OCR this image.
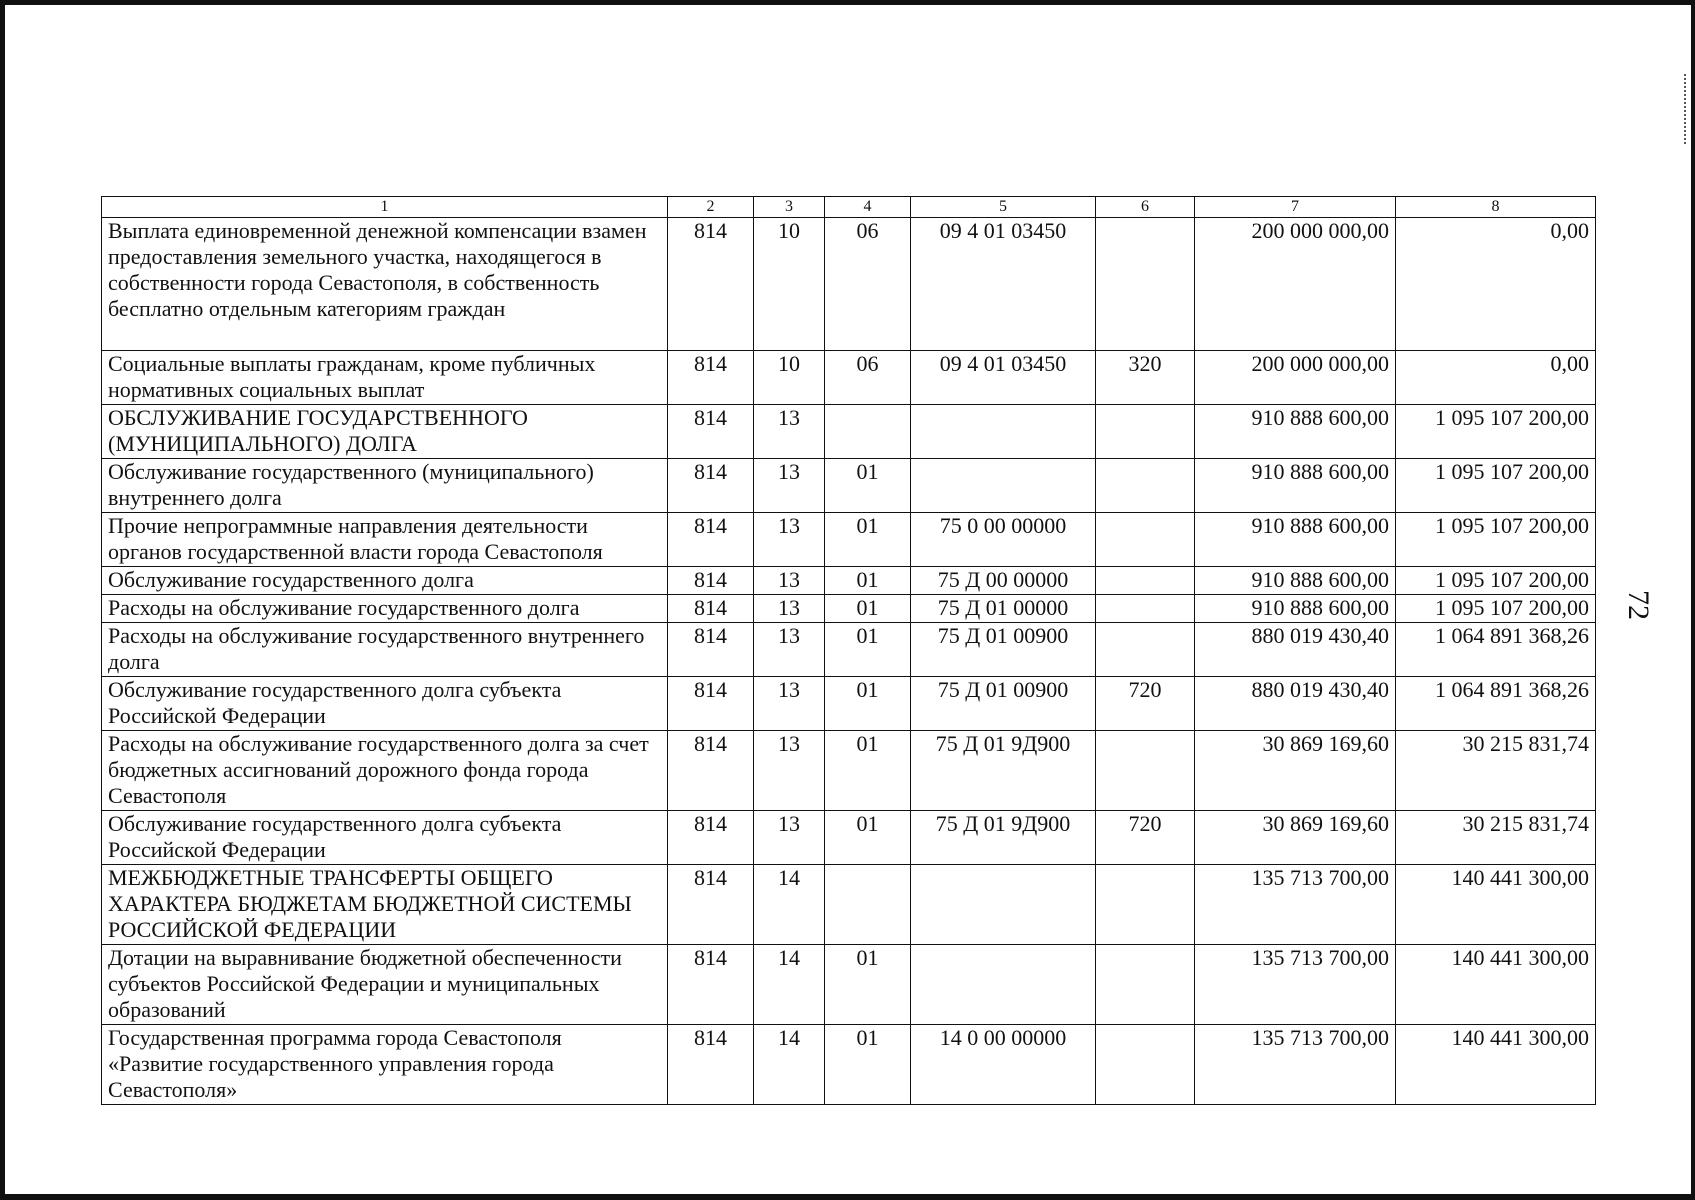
72
1	2	3	4	5	6	7	8
Выплата единовременной денежной компенсации взамен предоставления земельного участка, находящегося в собственности города Севастополя, в собственность бесплатно отдельным категориям граждан	814	10	06	09 4 01 03450		200 000 000,00	0,00
Социальные выплаты гражданам, кроме публичных нормативных социальных выплат	814	10	06	09 4 01 03450	320	200 000 000,00	0,00
ОБСЛУЖИВАНИЕ ГОСУДАРСТВЕННОГО (МУНИЦИПАЛЬНОГО) ДОЛГА	814	13				910 888 600,00	1 095 107 200,00
Обслуживание государственного (муниципального) внутреннего долга	814	13	01			910 888 600,00	1 095 107 200,00
Прочие непрограммные направления деятельности органов государственной власти города Севастополя	814	13	01	75 0 00 00000		910 888 600,00	1 095 107 200,00
Обслуживание государственного долга	814	13	01	75 Д 00 00000		910 888 600,00	1 095 107 200,00
Расходы на обслуживание государственного долга	814	13	01	75 Д 01 00000		910 888 600,00	1 095 107 200,00
Расходы на обслуживание государственного внутреннего долга	814	13	01	75 Д 01 00900		880 019 430,40	1 064 891 368,26
Обслуживание государственного долга субъекта Российской Федерации	814	13	01	75 Д 01 00900	720	880 019 430,40	1 064 891 368,26
Расходы на обслуживание государственного долга за счет бюджетных ассигнований дорожного фонда города Севастополя	814	13	01	75 Д 01 9Д900		30 869 169,60	30 215 831,74
Обслуживание государственного долга субъекта Российской Федерации	814	13	01	75 Д 01 9Д900	720	30 869 169,60	30 215 831,74
МЕЖБЮДЖЕТНЫЕ ТРАНСФЕРТЫ ОБЩЕГО ХАРАКТЕРА БЮДЖЕТАМ БЮДЖЕТНОЙ СИСТЕМЫ РОССИЙСКОЙ ФЕДЕРАЦИИ	814	14				135 713 700,00	140 441 300,00
Дотации на выравнивание бюджетной обеспеченности субъектов Российской Федерации и муниципальных образований	814	14	01			135 713 700,00	140 441 300,00
Государственная программа города Севастополя «Развитие государственного управления города Севастополя»	814	14	01	14 0 00 00000		135 713 700,00	140 441 300,00
